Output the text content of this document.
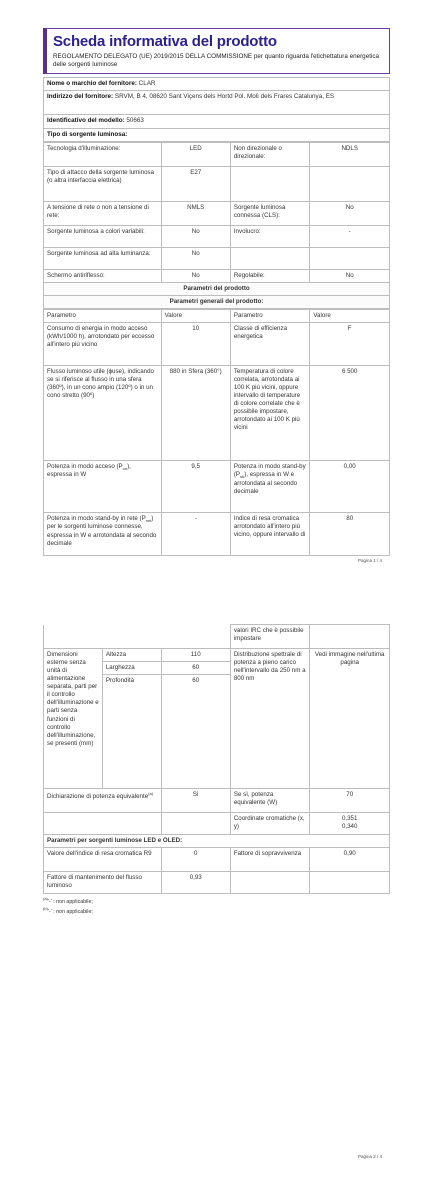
Scheda informativa del prodotto
REGOLAMENTO DELEGATO (UE) 2019/2015 DELLA COMMISSIONE per quanto riguarda l'etichettatura energetica delle sorgenti luminose
Nome o marchio del fornitore: CLAR
Indirizzo del fornitore: SRVM, B 4, 08620 Sant Viçens dels Hortd Pol. Molì dels Frares Catalunya, ES
Identificativo del modello: 50663
Tipo di sorgente luminosa:
Tecnologia d'illuminazione:	LED	Non direzionale o direzionale:	NDLS
Tipo di attacco della sorgente luminosa (o altra interfaccia elettrica)	E27		
A tensione di rete o non a tensione di rete:	NMLS	Sorgente luminosa connessa (CLS):	No
Sorgente luminosa a colori variabili:	No	Involucro:	-
Sorgente luminosa ad alta luminanza:	No		
Schermo antiriflesso:	No	Regolabile:	No
Parametri del prodotto			
Parametri generali del prodotto:			
Parametro	Valore	Parametro	Valore
Consumo di energia in modo acceso (kWh/1000 h), arrotondato per eccesso all'intero più vicino	10	Classe di efficienza energetica	F
Flusso luminoso utile (ϕuse), indicando se si riferisce al flusso in una sfera (360º), in un cono ampio (120º) o in un cono stretto (90º)	880 in Sfera (360°)	Temperatura di colore correlata, arrotondata ai 100 K più vicini, oppure intervallo di temperature di colore correlate che è possibile impostare, arrotondato ai 100 K più vicini	6 500
Potenza in modo acceso $(P_{on})$, espressa in W	9,5	Potenza in modo stand-by $(P_{sb})$, espressa in W e arrotondata al secondo decimale	0,00
Potenza in modo stand-by in rete $(P_{net})$ per le sorgenti luminose connesse, espressa in W e arrotondata al secondo decimale	-	Indice di resa cromatica arrotondato all'intero più vicino, oppure intervallo di	80
Pagina 1 / 4
			valori IRC che è possibile impostare	
Dimensioni esterne senza unità di alimentazione separata, parti per il controllo dell'illuminazione e parti senza funzioni di controllo dell'illuminazione, se presenti (mm)	Altezza	110	Distribuzione spettrale di potenza a pieno carico nell'intervallo da 250 nm a 800 nm	Vedi immagine nell'ultima pagina
	Larghezza	60		
	Profondità	60		
Dichiarazione di potenza equivalente$^{(a)}$		Sì	Se sì, potenza equivalente (W)	70
			Coordinate cromatiche (x, y)	0,351
0,340

Parametri per sorgenti luminose LED e OLED:				
Valore dell'indice di resa cromatica R9		0	Fattore di sopravvivenza	0,90
Fattore di mantenimento del flusso luminoso		0,93		
$^{(a)}$'-' : non applicabile;
$^{(b)}$'-' : non applicabile;
Pagina 2 / 4
